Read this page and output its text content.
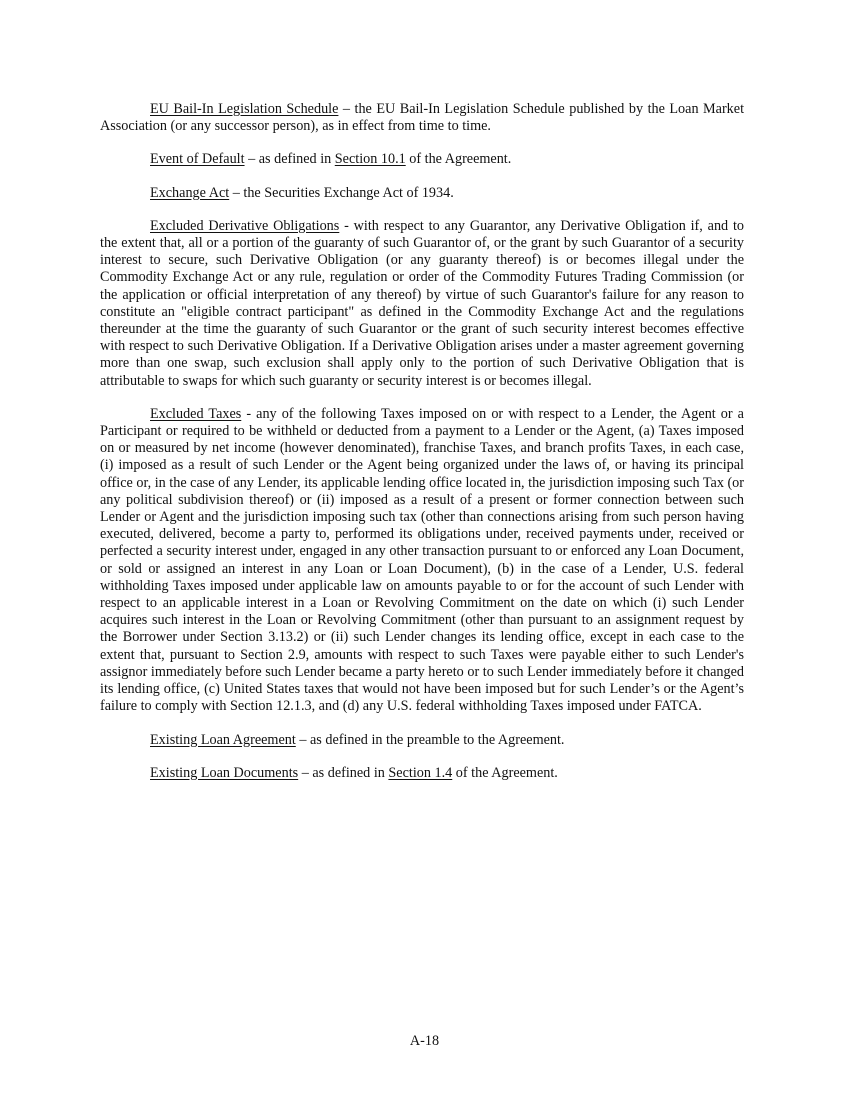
EU Bail-In Legislation Schedule – the EU Bail-In Legislation Schedule published by the Loan Market Association (or any successor person), as in effect from time to time.

Event of Default – as defined in Section 10.1 of the Agreement.

Exchange Act – the Securities Exchange Act of 1934.

Excluded Derivative Obligations - with respect to any Guarantor, any Derivative Obligation if, and to the extent that, all or a portion of the guaranty of such Guarantor of, or the grant by such Guarantor of a security interest to secure, such Derivative Obligation (or any guaranty thereof) is or becomes illegal under the Commodity Exchange Act or any rule, regulation or order of the Commodity Futures Trading Commission (or the application or official interpretation of any thereof) by virtue of such Guarantor's failure for any reason to constitute an "eligible contract participant" as defined in the Commodity Exchange Act and the regulations thereunder at the time the guaranty of such Guarantor or the grant of such security interest becomes effective with respect to such Derivative Obligation. If a Derivative Obligation arises under a master agreement governing more than one swap, such exclusion shall apply only to the portion of such Derivative Obligation that is attributable to swaps for which such guaranty or security interest is or becomes illegal.

Excluded Taxes - any of the following Taxes imposed on or with respect to a Lender, the Agent or a Participant or required to be withheld or deducted from a payment to a Lender or the Agent, (a) Taxes imposed on or measured by net income (however denominated), franchise Taxes, and branch profits Taxes, in each case, (i) imposed as a result of such Lender or the Agent being organized under the laws of, or having its principal office or, in the case of any Lender, its applicable lending office located in, the jurisdiction imposing such Tax (or any political subdivision thereof) or (ii) imposed as a result of a present or former connection between such Lender or Agent and the jurisdiction imposing such tax (other than connections arising from such person having executed, delivered, become a party to, performed its obligations under, received payments under, received or perfected a security interest under, engaged in any other transaction pursuant to or enforced any Loan Document, or sold or assigned an interest in any Loan or Loan Document), (b) in the case of a Lender, U.S. federal withholding Taxes imposed under applicable law on amounts payable to or for the account of such Lender with respect to an applicable interest in a Loan or Revolving Commitment on the date on which (i) such Lender acquires such interest in the Loan or Revolving Commitment (other than pursuant to an assignment request by the Borrower under Section 3.13.2) or (ii) such Lender changes its lending office, except in each case to the extent that, pursuant to Section 2.9, amounts with respect to such Taxes were payable either to such Lender's assignor immediately before such Lender became a party hereto or to such Lender immediately before it changed its lending office, (c) United States taxes that would not have been imposed but for such Lender’s or the Agent’s failure to comply with Section 12.1.3, and (d) any U.S. federal withholding Taxes imposed under FATCA.

Existing Loan Agreement – as defined in the preamble to the Agreement.

Existing Loan Documents – as defined in Section 1.4 of the Agreement.

A-18
